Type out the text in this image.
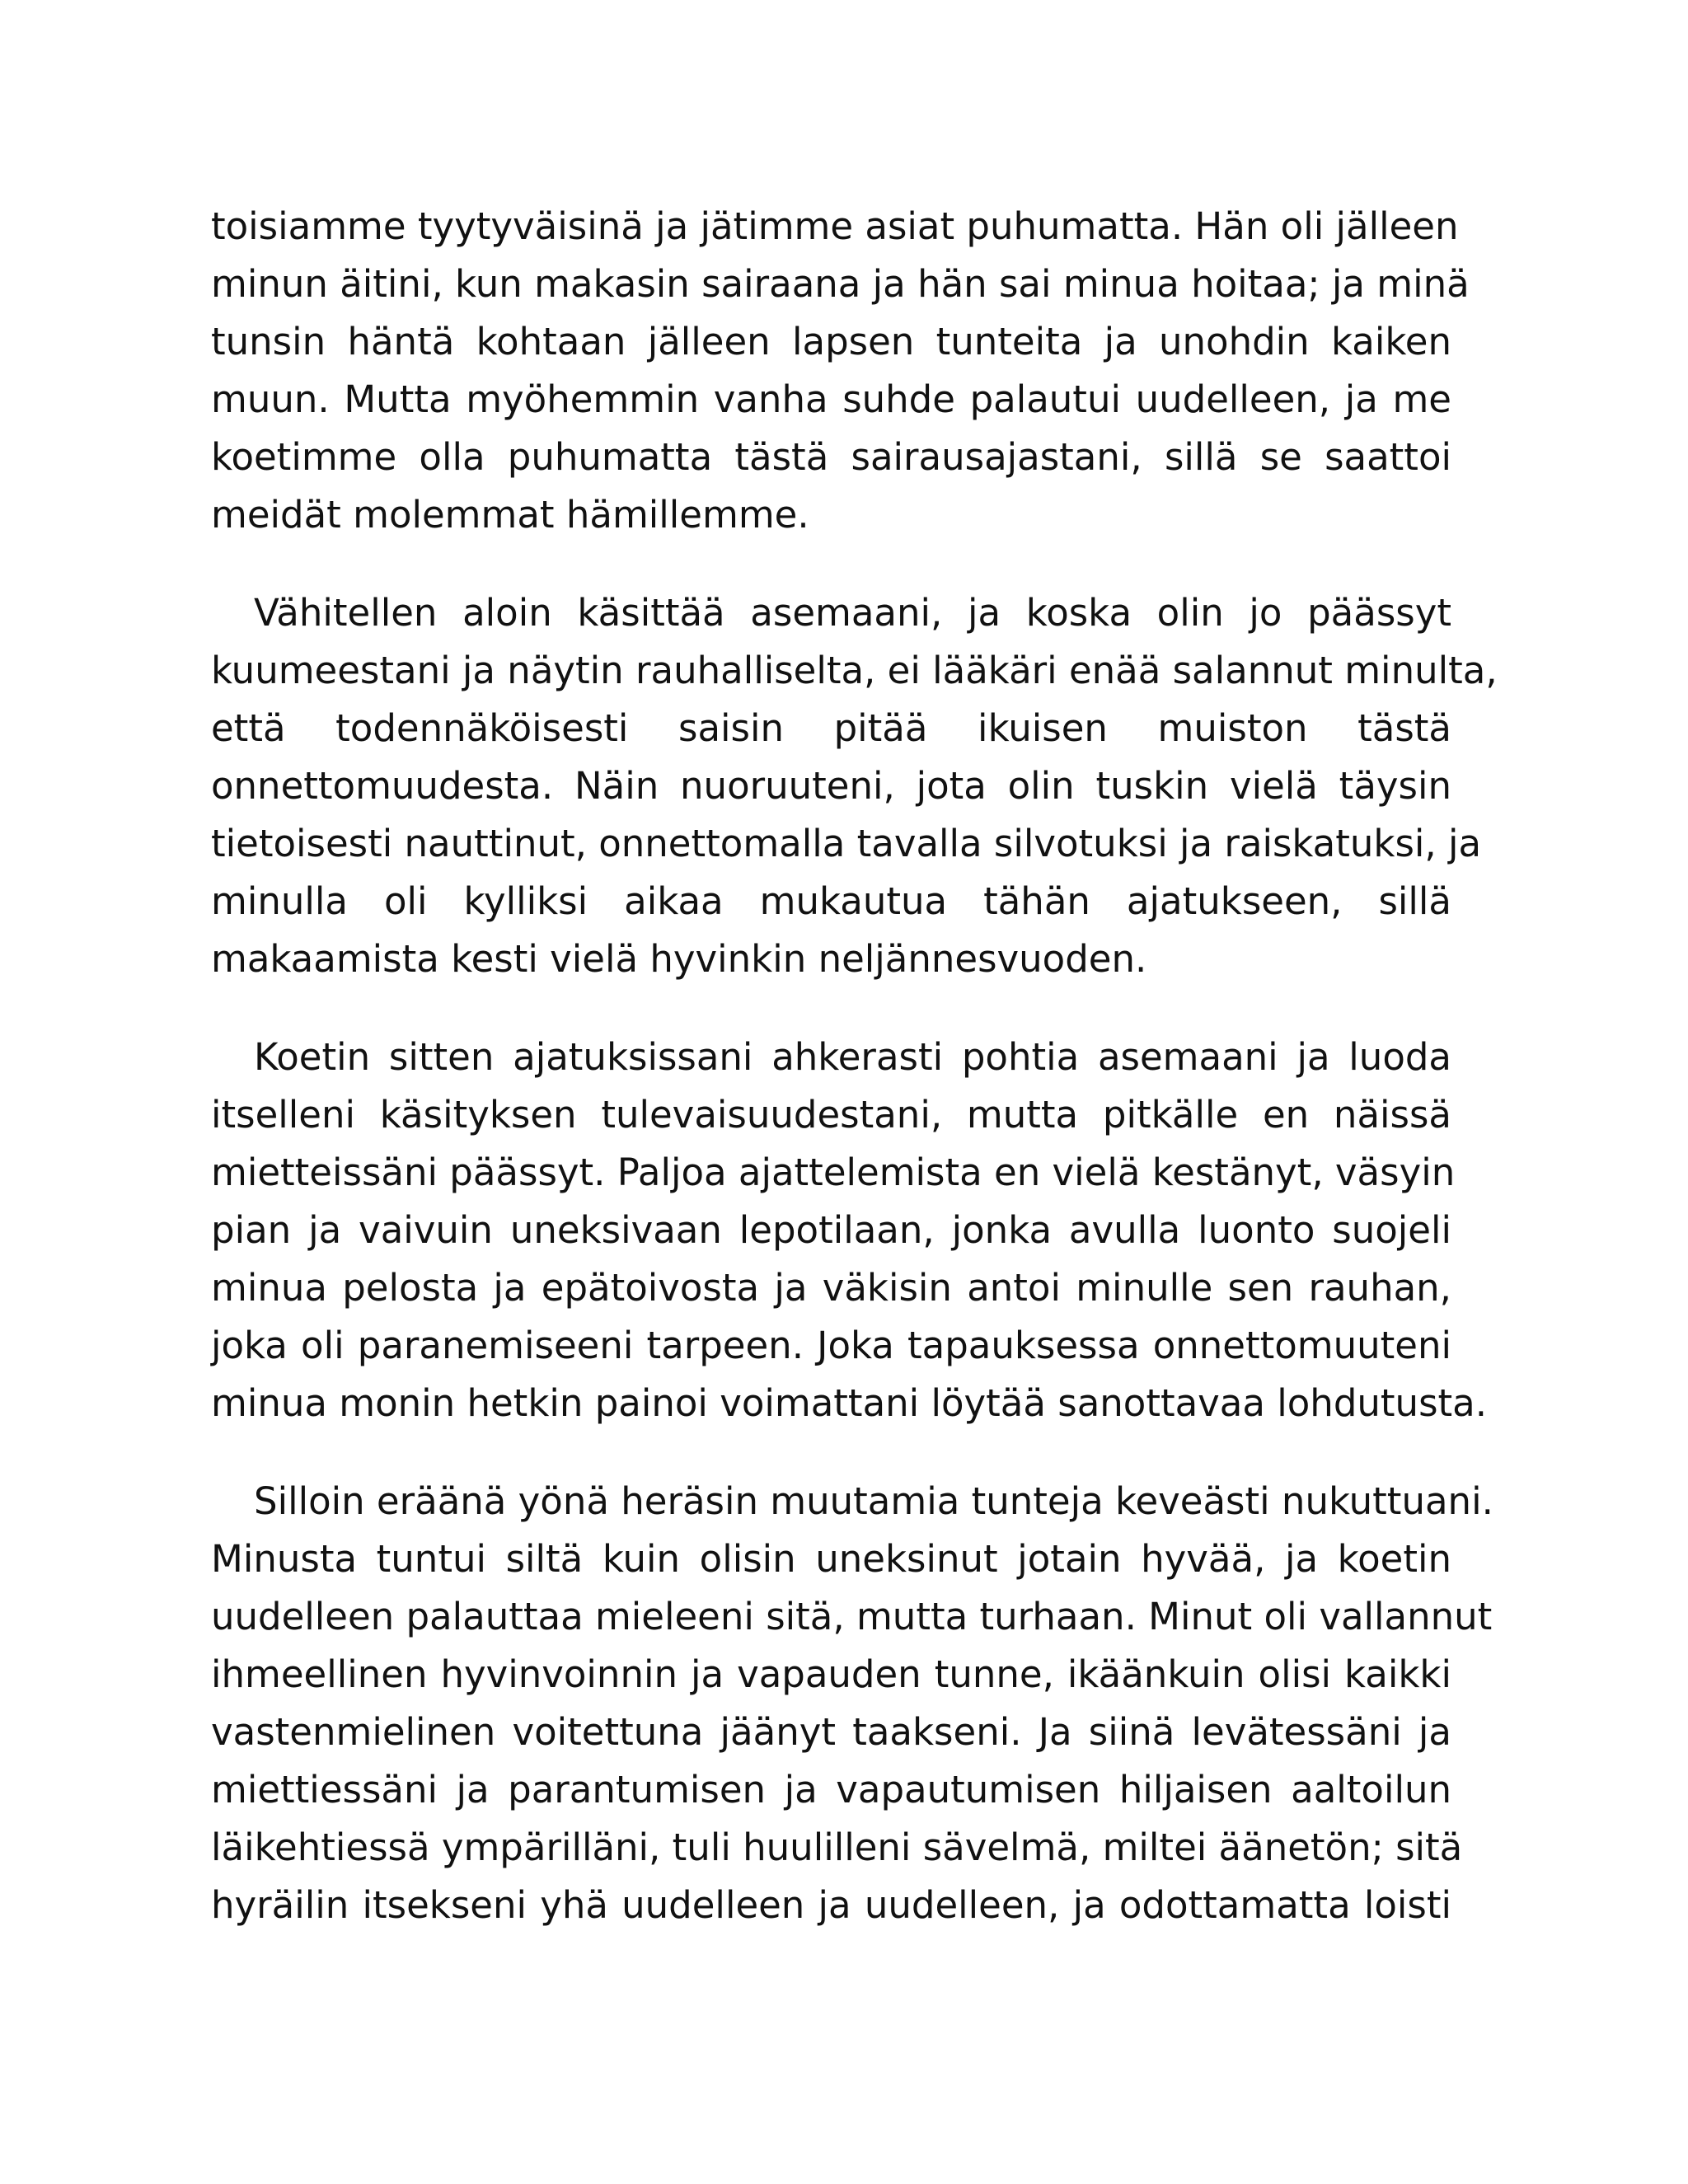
toisiamme tyytyväisinä ja jätimme asiat puhumatta. Hän oli jälleen
minun äitini, kun makasin sairaana ja hän sai minua hoitaa; ja minä
tunsin häntä kohtaan jälleen lapsen tunteita ja unohdin kaiken
muun. Mutta myöhemmin vanha suhde palautui uudelleen, ja me
koetimme olla puhumatta tästä sairausajastani, sillä se saattoi
meidät molemmat hämillemme.
Vähitellen aloin käsittää asemaani, ja koska olin jo päässyt
kuumeestani ja näytin rauhalliselta, ei lääkäri enää salannut minulta,
että todennäköisesti saisin pitää ikuisen muiston tästä
onnettomuudesta. Näin nuoruuteni, jota olin tuskin vielä täysin
tietoisesti nauttinut, onnettomalla tavalla silvotuksi ja raiskatuksi, ja
minulla oli kylliksi aikaa mukautua tähän ajatukseen, sillä
makaamista kesti vielä hyvinkin neljännesvuoden.
Koetin sitten ajatuksissani ahkerasti pohtia asemaani ja luoda
itselleni käsityksen tulevaisuudestani, mutta pitkälle en näissä
mietteissäni päässyt. Paljoa ajattelemista en vielä kestänyt, väsyin
pian ja vaivuin uneksivaan lepotilaan, jonka avulla luonto suojeli
minua pelosta ja epätoivosta ja väkisin antoi minulle sen rauhan,
joka oli paranemiseeni tarpeen. Joka tapauksessa onnettomuuteni
minua monin hetkin painoi voimattani löytää sanottavaa lohdutusta.
Silloin eräänä yönä heräsin muutamia tunteja keveästi nukuttuani.
Minusta tuntui siltä kuin olisin uneksinut jotain hyvää, ja koetin
uudelleen palauttaa mieleeni sitä, mutta turhaan. Minut oli vallannut
ihmeellinen hyvinvoinnin ja vapauden tunne, ikäänkuin olisi kaikki
vastenmielinen voitettuna jäänyt taakseni. Ja siinä levätessäni ja
miettiessäni ja parantumisen ja vapautumisen hiljaisen aaltoilun
läikehtiessä ympärilläni, tuli huulilleni sävelmä, miltei äänetön; sitä
hyräilin itsekseni yhä uudelleen ja uudelleen, ja odottamatta loisti
